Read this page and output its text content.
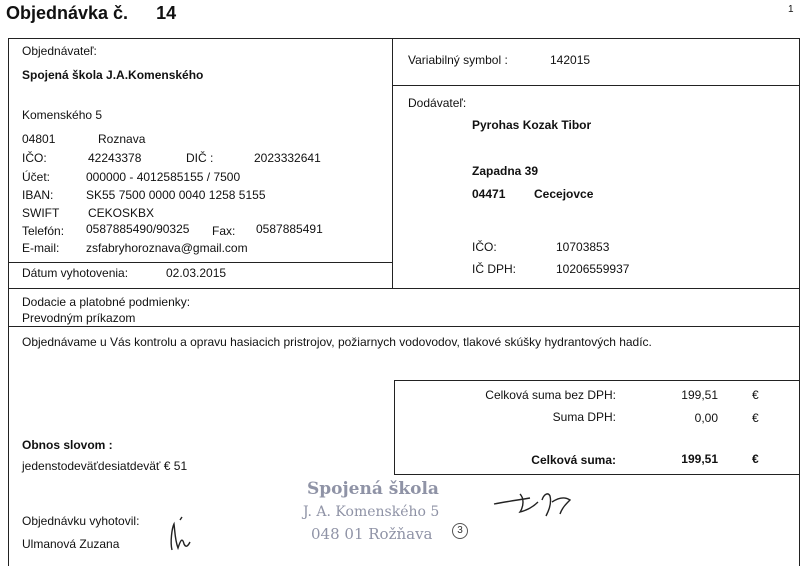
Objednávka č. 14	1
Objednávateľ:
Spojená škola J.A.Komenského
Komenského 5
04801	Roznava
IČO:	42243378	DIČ :	2023332641
Účet:	000000 - 4012585155 / 7500
IBAN:	SK55 7500 0000 0040 1258 5155
SWIFT CEKOSKBX
Telefón: 0587885490/90325 Fax: 0587885491
E-mail: zsfabryhoroznava@gmail.com
Dátum vyhotovenia:	02.03.2015
Variabilný symbol :	142015
Dodávateľ:
Pyrohas Kozak Tibor
Zapadna 39
04471 Cecejovce
IČO:	10703853
IČ DPH:	10206559937
Dodacie a platobné podmienky:
Prevodným príkazom
Objednávame u Vás kontrolu a opravu hasiacich pristrojov, požiarnych vodovodov, tlakové skúšky hydrantových hadíc.
Celková suma bez DPH:	199,51	€
Suma DPH:	0,00	€
Celková suma:	199,51	€
Obnos slovom :
jedenstodeväťdesiatdeväť € 51
Objednávku vyhotovil:
Ulmanová Zuzana
Spojená škola
J. A. Komenského 5
048 01 Rožňava	3
